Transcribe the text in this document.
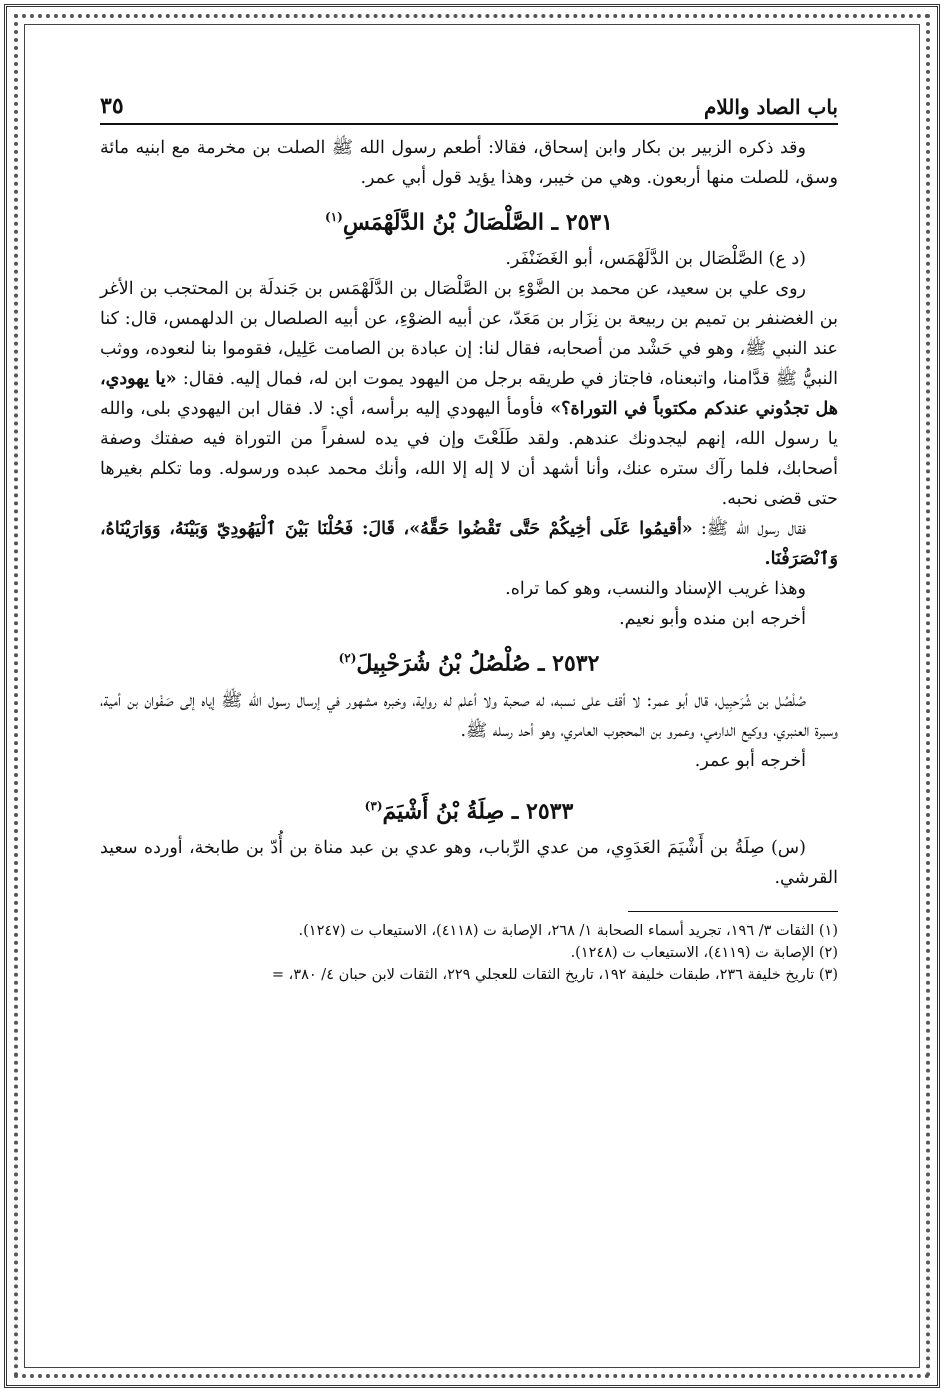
باب الصاد واللام
٣٥

وقد ذكره الزبير بن بكار وابن إسحاق، فقالا: أطعم رسول الله ﷺ الصلت بن مخرمة مع ابنيه مائة وسق، للصلت منها أربعون. وهي من خيبر، وهذا يؤيد قول أبي عمر.

٢٥٣١ ـ الصَّلْصَالُ بْنُ الدَّلَهْمَسِ$^{(١)}$

(د ع) الصَّلْصَال بن الدَّلَهْمَس، أبو الغَضَنْفَر.

روى علي بن سعيد، عن محمد بن الضَّوْءِ بن الصَّلْصَال بن الدَّلَهْمَس بن جَندلَة بن المحتجب بن الأغر بن الغضنفر بن تميم بن ربيعة بن نِزَار بن مَعَدّ، عن أبيه الضوْءِ، عن أبيه الصلصال بن الدلهمس، قال: كنا عند النبي ﷺ، وهو في حَشْد من أصحابه، فقال لنا: إن عبادة بن الصامت عَلِيل، فقوموا بنا لنعوده، ووثب النبيُّ ﷺ قدَّامنا، واتبعناه، فاجتاز في طريقه برجل من اليهود يموت ابن له، فمال إليه. فقال: «يا يهودي، هل تجدُوني عندكم مكتوباً في التوراة؟» فأومأ اليهودي إليه برأسه، أي: لا. فقال ابن اليهودي بلى، والله يا رسول الله، إنهم ليجدونك عندهم. ولقد طَلَعْتَ وإن في يده لسفراً من التوراة فيه صفتك وصفة أصحابك، فلما رآك ستره عنك، وأنا أشهد أن لا إله إلا الله، وأنك محمد عبده ورسوله. وما تكلم بغيرها حتى قضى نحبه.

فقال رسول الله ﷺ: «أقيمُوا عَلَى أخِيكُمْ حَتَّى تَقْضُوا حَقَّهُ»، قَالَ: فَحُلْنَا بَيْنَ ٱلْيَهُودِيّ وَبَيْنَهُ، وَوَارَيْنَاهُ، وَٱنْصَرَفْنَا.

وهذا غريب الإسناد والنسب، وهو كما تراه.

أخرجه ابن منده وأبو نعيم.

٢٥٣٢ ـ صُلْصُلُ بْنُ شُرَحْبِيلَ$^{(٢)}$

صُلْصُل بن شُرَحبِيل، قال أبو عمر: لا أقف على نسبه، له صحبة ولا أعلم له رواية، وخبره مشهور في إرسال رسول الله ﷺ إياه إلى صَفْوان بن أمية، وسبرة العنبري، ووكيع الدارمي، وعمرو بن المحجوب العامري، وهو أحد رسله ﷺ.

أخرجه أبو عمر.

٢٥٣٣ ـ صِلَةُ بْنُ أَشْيَمَ$^{(٣)}$

(س) صِلَةُ بن أَشْيَمَ العَدَوِي، من عدي الرِّباب، وهو عدي بن عبد مناة بن أُدّ بن طابخة، أورده سعيد القرشي.

(١) الثقات ٣/ ١٩٦، تجريد أسماء الصحابة ١/ ٢٦٨، الإصابة ت (٤١١٨)، الاستيعاب ت (١٢٤٧).

(٢) الإصابة ت (٤١١٩)، الاستيعاب ت (١٢٤٨).

(٣) تاريخ خليفة ٢٣٦، طبقات خليفة ١٩٢، تاريخ الثقات للعجلي ٢٢٩، الثقات لابن حبان ٤/ ٣٨٠، =
